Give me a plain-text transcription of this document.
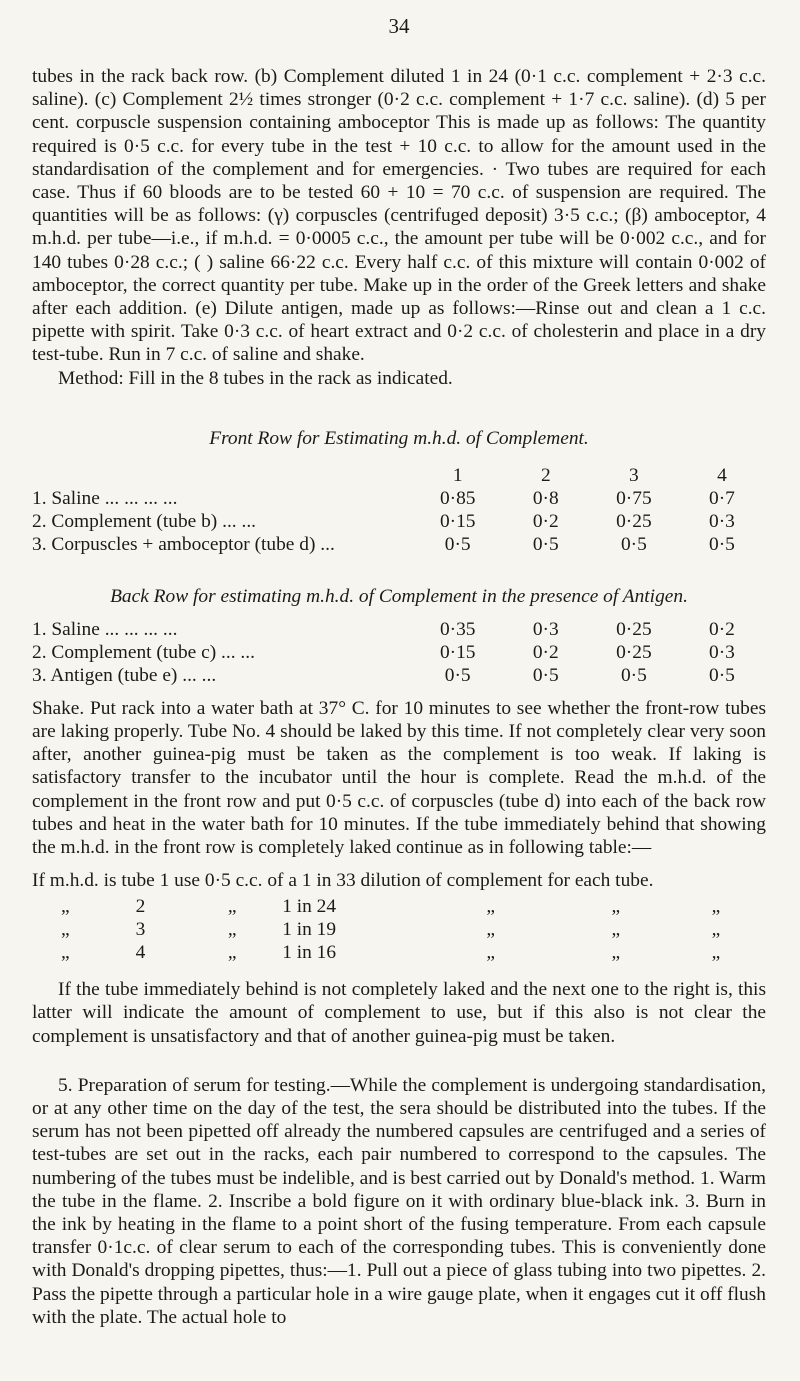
34

tubes in the rack back row. (b) Complement diluted 1 in 24 (0·1 c.c. complement + 2·3 c.c. saline). (c) Complement 2½ times stronger (0·2 c.c. complement + 1·7 c.c. saline). (d) 5 per cent. corpuscle suspension containing amboceptor This is made up as follows: The quantity required is 0·5 c.c. for every tube in the test + 10 c.c. to allow for the amount used in the standardisation of the complement and for emergencies. · Two tubes are required for each case. Thus if 60 bloods are to be tested 60 + 10 = 70 c.c. of suspension are required. The quantities will be as follows: (γ) corpuscles (centrifuged deposit) 3·5 c.c.; (β) amboceptor, 4 m.h.d. per tube—i.e., if m.h.d. = 0·0005 c.c., the amount per tube will be 0·002 c.c., and for 140 tubes 0·28 c.c.; ( ) saline 66·22 c.c. Every half c.c. of this mixture will contain 0·002 of amboceptor, the correct quantity per tube. Make up in the order of the Greek letters and shake after each addition. (e) Dilute antigen, made up as follows:—Rinse out and clean a 1 c.c. pipette with spirit. Take 0·3 c.c. of heart extract and 0·2 c.c. of cholesterin and place in a dry test-tube. Run in 7 c.c. of saline and shake.

Method: Fill in the 8 tubes in the rack as indicated.

Front Row for Estimating m.h.d. of Complement.
	1	2	3	4
1. Saline ... ... ... ...	0·85	0·8	0·75	0·7
2. Complement (tube b) ... ...	0·15	0·2	0·25	0·3
3. Corpuscles + amboceptor (tube d) ...	0·5	0·5	0·5	0·5
Back Row for estimating m.h.d. of Complement in the presence of Antigen.
1. Saline ... ... ... ...	0·35	0·3	0·25	0·2
2. Complement (tube c) ... ...	0·15	0·2	0·25	0·3
3. Antigen (tube e) ... ...	0·5	0·5	0·5	0·5

Shake. Put rack into a water bath at 37° C. for 10 minutes to see whether the front-row tubes are laking properly. Tube No. 4 should be laked by this time. If not completely clear very soon after, another guinea-pig must be taken as the complement is too weak. If laking is satisfactory transfer to the incubator until the hour is complete. Read the m.h.d. of the complement in the front row and put 0·5 c.c. of corpuscles (tube d) into each of the back row tubes and heat in the water bath for 10 minutes. If the tube immediately behind that showing the m.h.d. in the front row is completely laked continue as in following table:—

If m.h.d. is tube 1 use 0·5 c.c. of a 1 in 33 dilution of complement for each tube.

„	2	„	1 in 24	„	„	„
„	3	„	1 in 19	„	„	„
„	4	„	1 in 16	„	„	„

If the tube immediately behind is not completely laked and the next one to the right is, this latter will indicate the amount of complement to use, but if this also is not clear the complement is unsatisfactory and that of another guinea-pig must be taken.

5. Preparation of serum for testing.—While the complement is undergoing standardisation, or at any other time on the day of the test, the sera should be distributed into the tubes. If the serum has not been pipetted off already the numbered capsules are centrifuged and a series of test-tubes are set out in the racks, each pair numbered to correspond to the capsules. The numbering of the tubes must be indelible, and is best carried out by Donald's method. 1. Warm the tube in the flame. 2. Inscribe a bold figure on it with ordinary blue-black ink. 3. Burn in the ink by heating in the flame to a point short of the fusing temperature. From each capsule transfer 0·1c.c. of clear serum to each of the corresponding tubes. This is conveniently done with Donald's dropping pipettes, thus:—1. Pull out a piece of glass tubing into two pipettes. 2. Pass the pipette through a particular hole in a wire gauge plate, when it engages cut it off flush with the plate. The actual hole to
